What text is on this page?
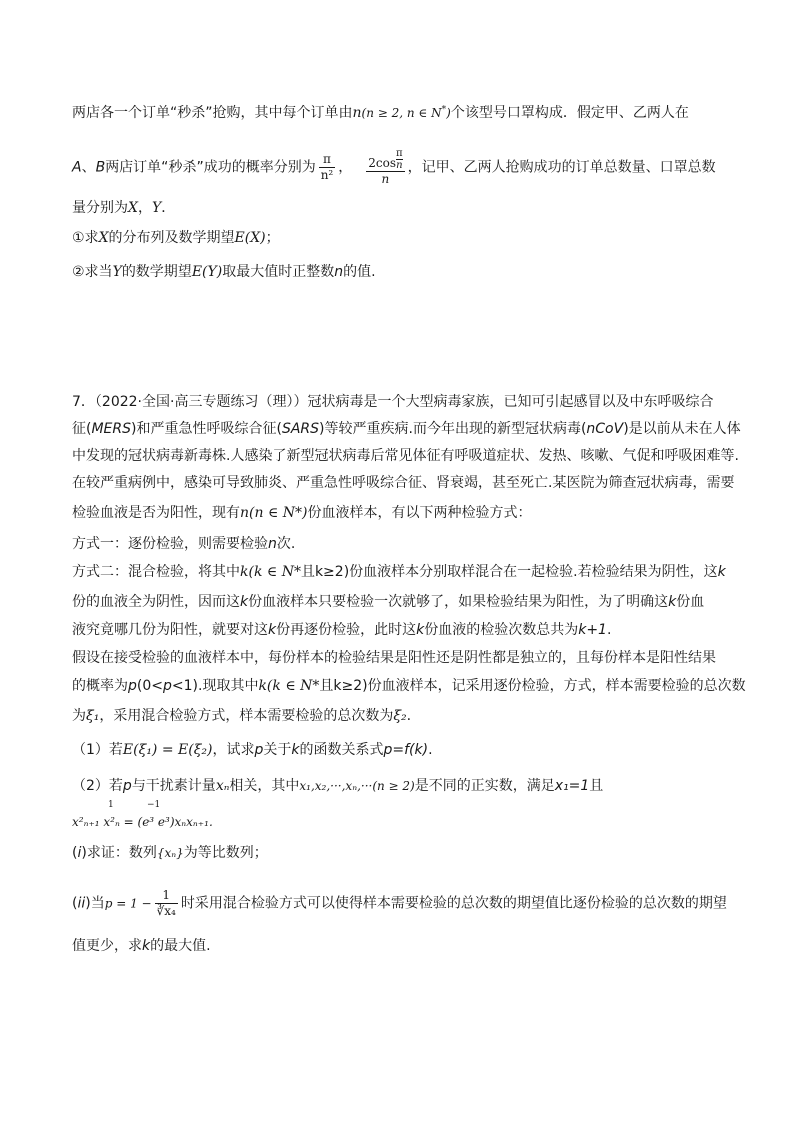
两店各一个订单“秒杀”抢购，其中每个订单由n(n ≥ 2, n ∈ N*)个该型号口罩构成．假定甲、乙两人在
A、B两店订单“秒杀”成功的概率分别为 $\frac{\pi}{\text{n²}}$ ， $\frac{2\cos \frac{\pi}{n}}{n}$ ，记甲、乙两人抢购成功的订单总数量、口罩总数
量分别为X，Y．
①求X的分布列及数学期望E(X)；
②求当Y的数学期望E(Y)取最大值时正整数n的值.
7．（2022·全国·高三专题练习（理））冠状病毒是一个大型病毒家族，已知可引起感冒以及中东呼吸综合
征(MERS)和严重急性呼吸综合征(SARS)等较严重疾病.而今年出现的新型冠状病毒(nCoV)是以前从未在人体
中发现的冠状病毒新毒株.人感染了新型冠状病毒后常见体征有呼吸道症状、发热、咳嗽、气促和呼吸困难等.
在较严重病例中，感染可导致肺炎、严重急性呼吸综合征、肾衰竭，甚至死亡.某医院为筛查冠状病毒，需要
检验血液是否为阳性，现有n(n ∈ N*)份血液样本，有以下两种检验方式：
方式一：逐份检验，则需要检验n次.
方式二：混合检验，将其中k(k ∈ N*且k≥2)份血液样本分别取样混合在一起检验.若检验结果为阴性，这k
份的血液全为阴性，因而这k份血液样本只要检验一次就够了，如果检验结果为阳性，为了明确这k份血
液究竟哪几份为阳性，就要对这k份再逐份检验，此时这k份血液的检验次数总共为k+1.
假设在接受检验的血液样本中，每份样本的检验结果是阳性还是阴性都是独立的，且每份样本是阳性结果
的概率为p(0<p<1).现取其中k(k ∈ N*且k≥2)份血液样本，记采用逐份检验，方式，样本需要检验的总次数
为ξ₁，采用混合检验方式，样本需要检验的总次数为ξ₂.
（1）若E(ξ₁) = E(ξ₂)，试求p关于k的函数关系式p=f(k).
（2）若p与干扰素计量xₙ相关，其中x₁,x₂,···,xₙ,···(n ≥ 2)是不同的正实数，满足x₁=1且
1	−1
x²ₙ₊₁ x²ₙ = (e³ e³)xₙxₙ₊₁.
(i)求证：数列{xₙ}为等比数列；
(ii)当$p = 1 - \frac{1}{\text{∛x₄}}$ 时采用混合检验方式可以使得样本需要检验的总次数的期望值比逐份检验的总次数的期望
值更少，求k的最大值.
